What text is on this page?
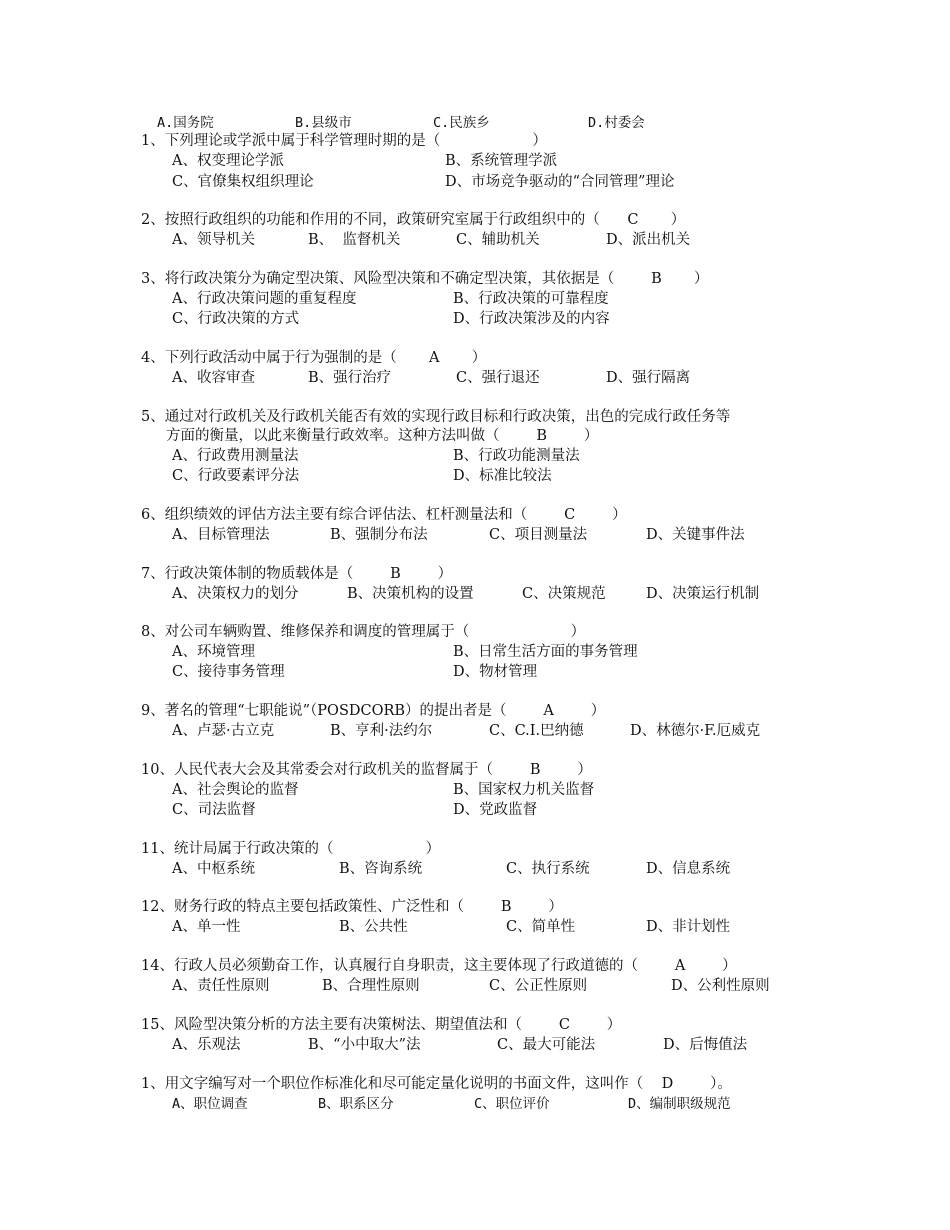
A.国务院	B.县级市	C.民族乡	D.村委会
1、下列理论或学派中属于科学管理时期的是（                    ）
A、权变理论学派	B、系统管理学派
C、官僚集权组织理论	D、市场竞争驱动的“合同管理”理论
2、按照行政组织的功能和作用的不同，政策研究室属于行政组织中的（      C       ）
A、领导机关	B、  监督机关	C、辅助机关	D、派出机关
3、将行政决策分为确定型决策、风险型决策和不确定型决策，其依据是（        B       ）
A、行政决策问题的重复程度	B、行政决策的可靠程度
C、行政决策的方式	D、行政决策涉及的内容
4、下列行政活动中属于行为强制的是（       A       ）
A、收容审查	B、强行治疗	C、强行退还	D、强行隔离
5、通过对行政机关及行政机关能否有效的实现行政目标和行政决策，出色的完成行政任务等
方面的衡量，以此来衡量行政效率。这种方法叫做（        B        ）
A、行政费用测量法	B、行政功能测量法
C、行政要素评分法	D、标准比较法
6、组织绩效的评估方法主要有综合评估法、杠杆测量法和（        C        ）
A、目标管理法	B、强制分布法	C、项目测量法	D、关键事件法
7、行政决策体制的物质载体是（        B        ）
A、决策权力的划分	B、决策机构的设置	C、决策规范	D、决策运行机制
8、对公司车辆购置、维修保养和调度的管理属于（                      ）
A、环境管理	B、日常生活方面的事务管理
C、接待事务管理	D、物材管理
9、著名的管理“七职能说”（POSDCORB）的提出者是（        A        ）
A、卢瑟·古立克	B、亨利·法约尔	C、C.I.巴纳德	D、林德尔·F.厄威克
10、人民代表大会及其常委会对行政机关的监督属于（        B        ）
A、社会舆论的监督	B、国家权力机关监督
C、司法监督	D、党政监督
11、统计局属于行政决策的（                    ）
A、中枢系统	B、咨询系统	C、执行系统	D、信息系统
12、财务行政的特点主要包括政策性、广泛性和（        B        ）
A、单一性	B、公共性	C、简单性	D、非计划性
14、行政人员必须勤奋工作，认真履行自身职责，这主要体现了行政道德的（        A        ）
A、责任性原则	B、合理性原则	C、公正性原则	D、公利性原则
15、风险型决策分析的方法主要有决策树法、期望值法和（        C        ）
A、乐观法	B、“小中取大”法	C、最大可能法	D、后悔值法
1、用文字编写对一个职位作标准化和尽可能定量化说明的书面文件，这叫作（    D        ）。
A、职位调查	B、职系区分	C、职位评价	D、编制职级规范
